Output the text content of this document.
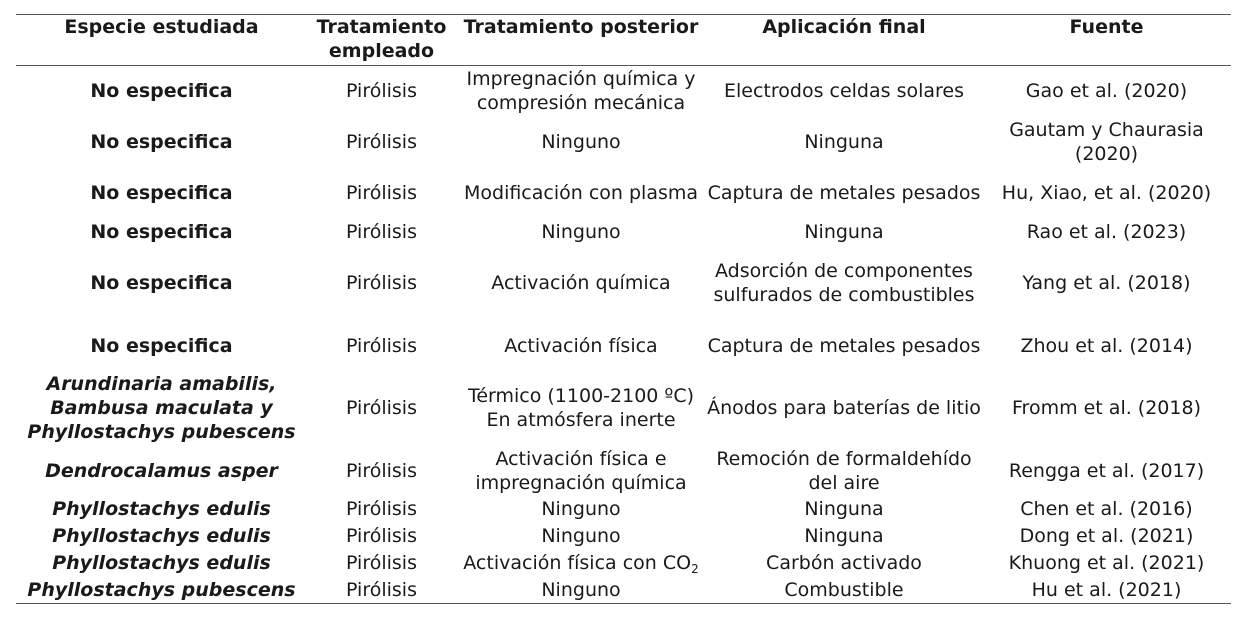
Especie estudiada	Tratamiento empleado	Tratamiento posterior	Aplicación final	Fuente
No especifica	Pirólisis	Impregnación química y compresión mecánica	Electrodos celdas solares	Gao et al. (2020)
No especifica	Pirólisis	Ninguno	Ninguna	Gautam y Chaurasia (2020)
No especifica	Pirólisis	Modificación con plasma	Captura de metales pesados	Hu, Xiao, et al. (2020)
No especifica	Pirólisis	Ninguno	Ninguna	Rao et al. (2023)
No especifica	Pirólisis	Activación química	Adsorción de componentes sulfurados de combustibles	Yang et al. (2018)
No especifica	Pirólisis	Activación física	Captura de metales pesados	Zhou et al. (2014)
Arundinaria amabilis, Bambusa maculata y Phyllostachys pubescens	Pirólisis	Térmico (1100-2100 ºC) En atmósfera inerte	Ánodos para baterías de litio	Fromm et al. (2018)
Dendrocalamus asper	Pirólisis	Activación física e impregnación química	Remoción de formaldehído del aire	Rengga et al. (2017)
Phyllostachys edulis	Pirólisis	Ninguno	Ninguna	Chen et al. (2016)
Phyllostachys edulis	Pirólisis	Ninguno	Ninguna	Dong et al. (2021)
Phyllostachys edulis	Pirólisis	Activación física con $CO_2$	Carbón activado	Khuong et al. (2021)
Phyllostachys pubescens	Pirólisis	Ninguno	Combustible	Hu et al. (2021)
